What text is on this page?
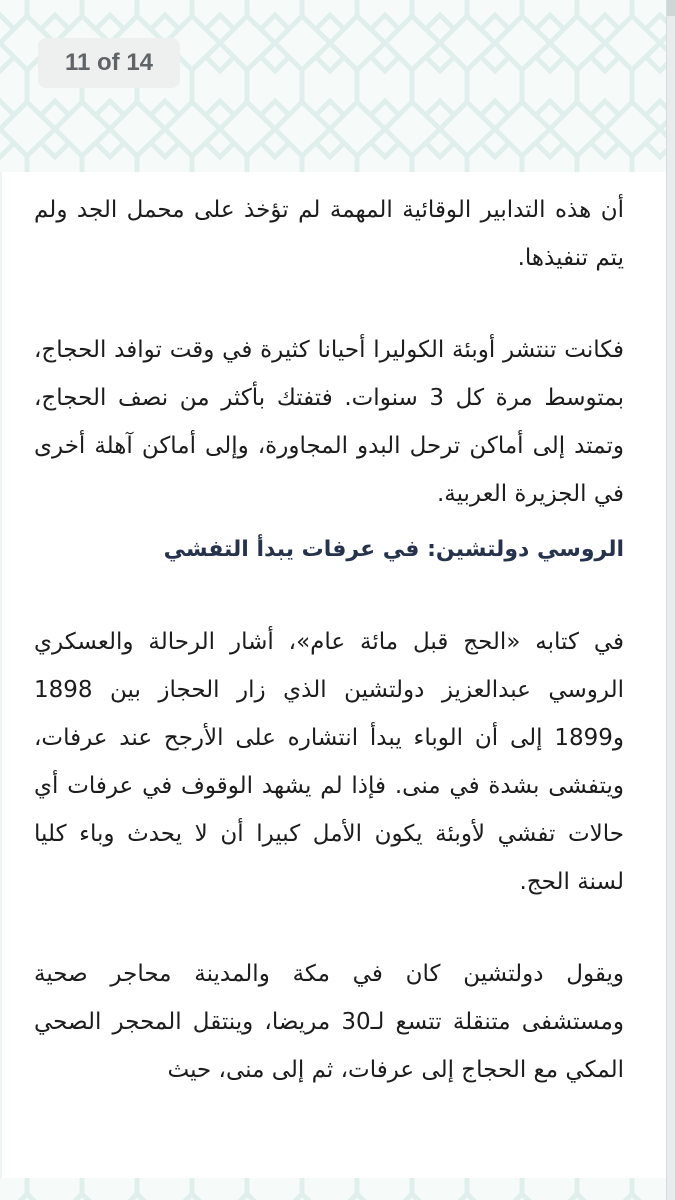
11 of 14

أن هذه التدابير الوقائية المهمة لم تؤخذ على محمل الجد ولم يتم تنفيذها.

فكانت تنتشر أوبئة الكوليرا أحيانا كثيرة في وقت توافد الحجاج، بمتوسط مرة كل 3 سنوات. فتفتك بأكثر من نصف الحجاج، وتمتد إلى أماكن ترحل البدو المجاورة، وإلى أماكن آهلة أخرى في الجزيرة العربية.

الروسي دولتشين: في عرفات يبدأ التفشي

في كتابه «الحج قبل مائة عام»، أشار الرحالة والعسكري الروسي عبدالعزيز دولتشين الذي زار الحجاز بين 1898 و1899 إلى أن الوباء يبدأ انتشاره على الأرجح عند عرفات، ويتفشى بشدة في منى. فإذا لم يشهد الوقوف في عرفات أي حالات تفشي لأوبئة يكون الأمل كبيرا أن لا يحدث وباء كليا لسنة الحج.

ويقول دولتشين كان في مكة والمدينة محاجر صحية ومستشفى متنقلة تتسع لـ30 مريضا، وينتقل المحجر الصحي المكي مع الحجاج إلى عرفات، ثم إلى منى، حيث
